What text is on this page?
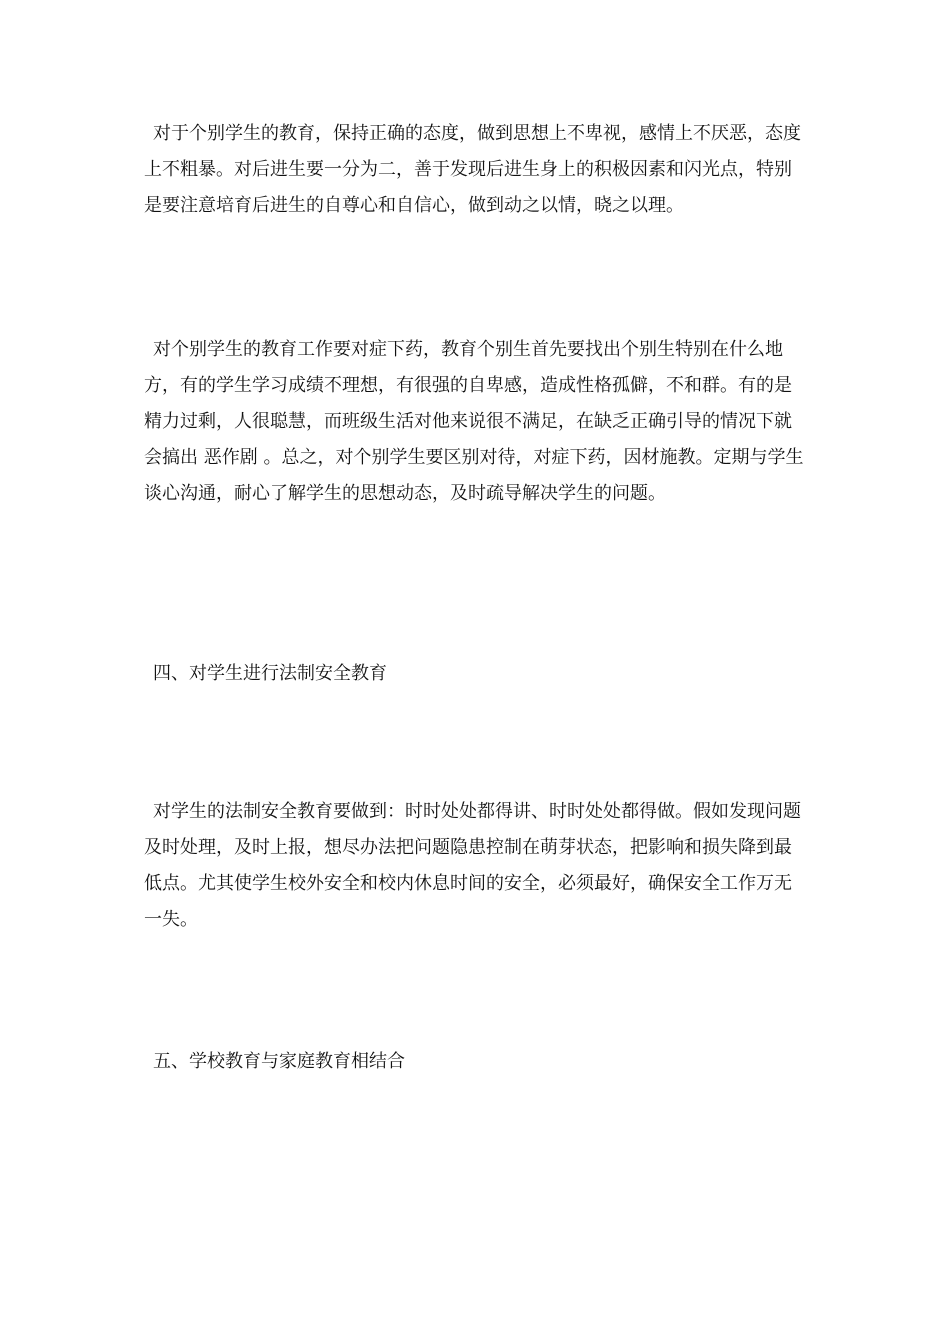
对于个别学生的教育，保持正确的态度，做到思想上不卑视，感情上不厌恶，态度上不粗暴。对后进生要一分为二，善于发现后进生身上的积极因素和闪光点，特别是要注意培育后进生的自尊心和自信心，做到动之以情，晓之以理。

对个别学生的教育工作要对症下药，教育个别生首先要找出个别生特别在什么地方，有的学生学习成绩不理想，有很强的自卑感，造成性格孤僻，不和群。有的是精力过剩，人很聪慧，而班级生活对他来说很不满足，在缺乏正确引导的情况下就会搞出 恶作剧 。总之，对个别学生要区别对待，对症下药，因材施教。定期与学生谈心沟通，耐心了解学生的思想动态，及时疏导解决学生的问题。

四、对学生进行法制安全教育

对学生的法制安全教育要做到：时时处处都得讲、时时处处都得做。假如发现问题及时处理，及时上报，想尽办法把问题隐患控制在萌芽状态，把影响和损失降到最低点。尤其使学生校外安全和校内休息时间的安全，必须最好，确保安全工作万无一失。

五、学校教育与家庭教育相结合
